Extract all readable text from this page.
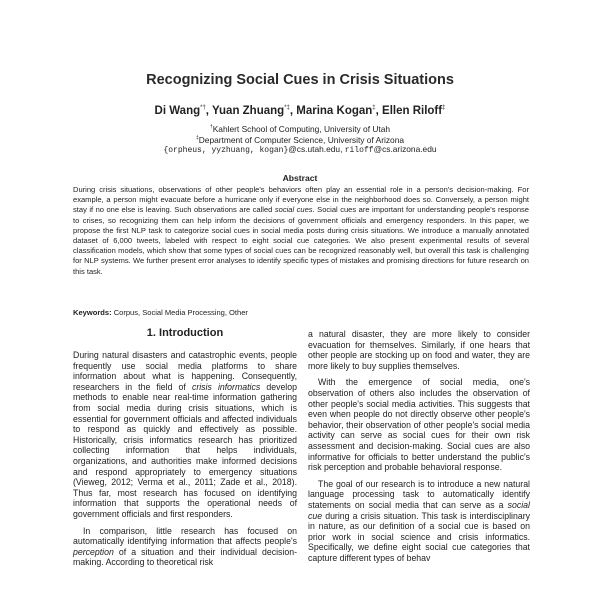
Recognizing Social Cues in Crisis Situations
Di Wang*†, Yuan Zhuang*‡, Marina Kogan‡, Ellen Riloff‡
†Kahlert School of Computing, University of Utah
‡Department of Computer Science, University of Arizona
{orpheus, yyzhuang, kogan}@cs.utah.edu, riloff@cs.arizona.edu
Abstract
During crisis situations, observations of other people's behaviors often play an essential role in a person's decision-making. For example, a person might evacuate before a hurricane only if everyone else in the neighborhood does so. Conversely, a person might stay if no one else is leaving. Such observations are called social cues. Social cues are important for understanding people's response to crises, so recognizing them can help inform the decisions of government officials and emergency responders. In this paper, we propose the first NLP task to categorize social cues in social media posts during crisis situations. We introduce a manually annotated dataset of 6,000 tweets, labeled with respect to eight social cue categories. We also present experimental results of several classification models, which show that some types of social cues can be recognized reasonably well, but overall this task is challenging for NLP systems. We further present error analyses to identify specific types of mistakes and promising directions for future research on this task.
Keywords: Corpus, Social Media Processing, Other
1. Introduction

During natural disasters and catastrophic events, people frequently use social media platforms to share information about what is happening. Consequently, researchers in the field of crisis informatics develop methods to enable near real-time information gathering from social media during crisis situations, which is essential for government officials and affected individuals to respond as quickly and effectively as possible. Historically, crisis informatics research has prioritized collecting information that helps individuals, organizations, and authorities make informed decisions and respond appropriately to emergency situations (Vieweg, 2012; Verma et al., 2011; Zade et al., 2018). Thus far, most research has focused on identifying information that supports the operational needs of government officials and first responders.

In comparison, little research has focused on automatically identifying information that affects people's perception of a situation and their individual decision-making. According to theoretical risk

a natural disaster, they are more likely to consider evacuation for themselves. Similarly, if one hears that other people are stocking up on food and water, they are more likely to buy supplies themselves.

With the emergence of social media, one's observation of others also includes the observation of other people's social media activities. This suggests that even when people do not directly observe other people's behavior, their observation of other people's social media activity can serve as social cues for their own risk assessment and decision-making. Social cues are also informative for officials to better understand the public's risk perception and probable behavioral response.

The goal of our research is to introduce a new natural language processing task to automatically identify statements on social media that can serve as a social cue during a crisis situation. This task is interdisciplinary in nature, as our definition of a social cue is based on prior work in social science and crisis informatics. Specifically, we define eight social cue categories that capture different types of behav
